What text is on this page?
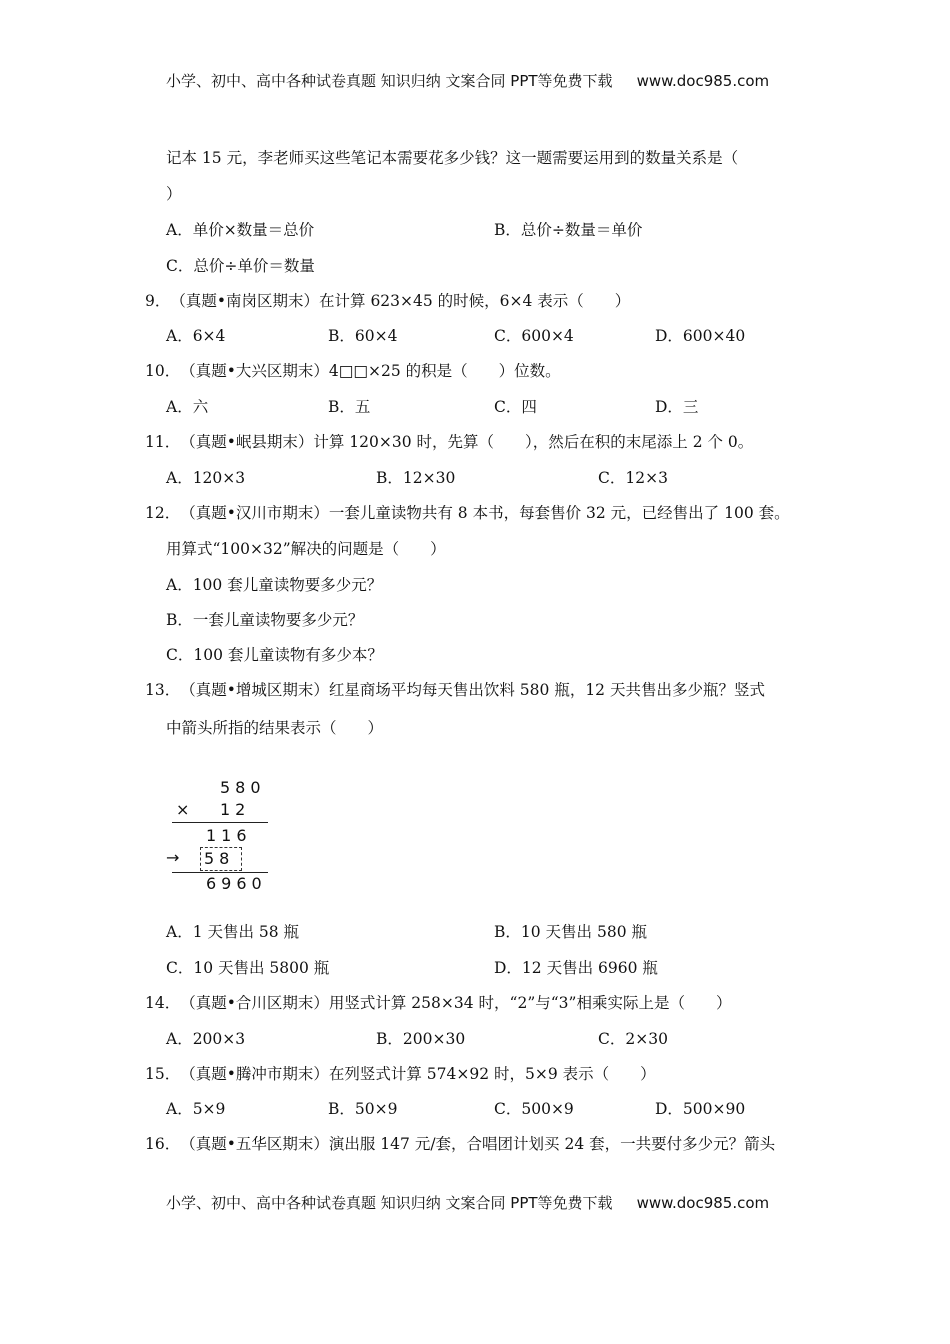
小学、初中、高中各种试卷真题 知识归纳 文案合同 PPT等免费下载 www.doc985.com
记本 15 元，李老师买这些笔记本需要花多少钱？这一题需要运用到的数量关系是（
）
A．单价×数量＝总价	B．总价÷数量＝单价
C．总价÷单价＝数量
9．（真题•南岗区期末）在计算 623×45 的时候，6×4 表示（　　）
A．6×4	B．60×4	C．600×4	D．600×40
10．（真题•大兴区期末）4□□×25 的积是（　　）位数。
A．六	B．五	C．四	D．三
11．（真题•岷县期末）计算 120×30 时，先算（　　），然后在积的末尾添上 2 个 0。
A．120×3	B．12×30	C．12×3
12．（真题•汉川市期末）一套儿童读物共有 8 本书，每套售价 32 元，已经售出了 100 套。
用算式“100×32”解决的问题是（　　）
A．100 套儿童读物要多少元？
B．一套儿童读物要多少元？
C．100 套儿童读物有多少本？
13．（真题•增城区期末）红星商场平均每天售出饮料 580 瓶，12 天共售出多少瓶？竖式
中箭头所指的结果表示（　　）
580
× 12
116
→ 58
6960
A．1 天售出 58 瓶	B．10 天售出 580 瓶
C．10 天售出 5800 瓶	D．12 天售出 6960 瓶
14．（真题•合川区期末）用竖式计算 258×34 时，“2”与“3”相乘实际上是（　　）
A．200×3	B．200×30	C．2×30
15．（真题•腾冲市期末）在列竖式计算 574×92 时，5×9 表示（　　）
A．5×9	B．50×9	C．500×9	D．500×90
16．（真题•五华区期末）演出服 147 元/套，合唱团计划买 24 套，一共要付多少元？箭头
小学、初中、高中各种试卷真题 知识归纳 文案合同 PPT等免费下载 www.doc985.com
